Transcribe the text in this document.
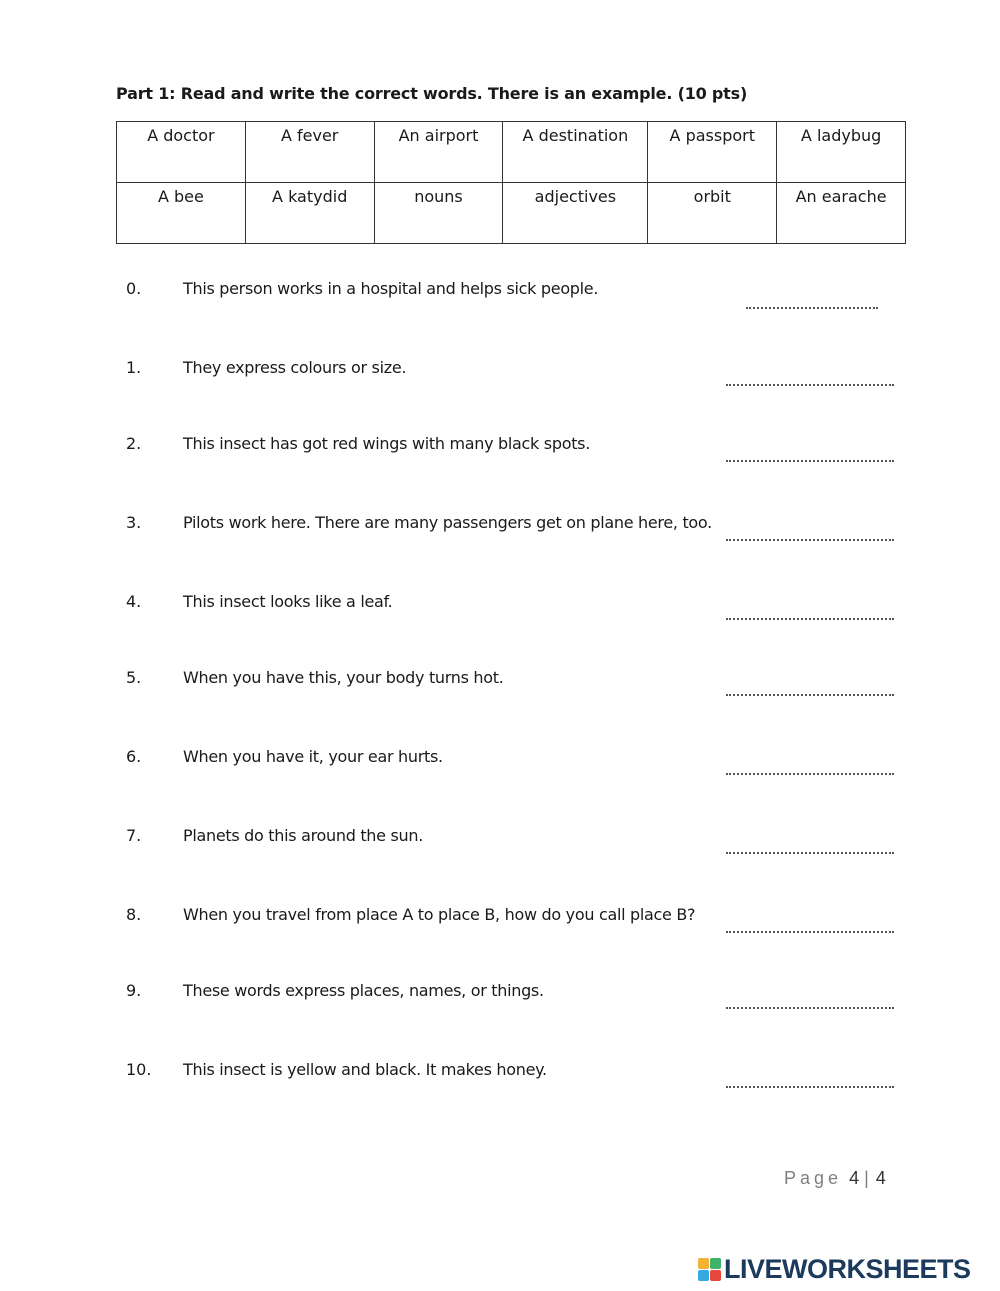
Part 1: Read and write the correct words. There is an example. (10 pts)
A doctor	A fever	An airport	A destination	A passport	A ladybug
A bee	A katydid	nouns	adjectives	orbit	An earache
0.	This person works in a hospital and helps sick people.
1.	They express colours or size.
2.	This insect has got red wings with many black spots.
3.	Pilots work here. There are many passengers get on plane here, too.
4.	This insect looks like a leaf.
5.	When you have this, your body turns hot.
6.	When you have it, your ear hurts.
7.	Planets do this around the sun.
8.	When you travel from place A to place B, how do you call place B?
9.	These words express places, names, or things.
10. This insect is yellow and black. It makes honey.
Page 4 | 4
LIVEWORKSHEETS
